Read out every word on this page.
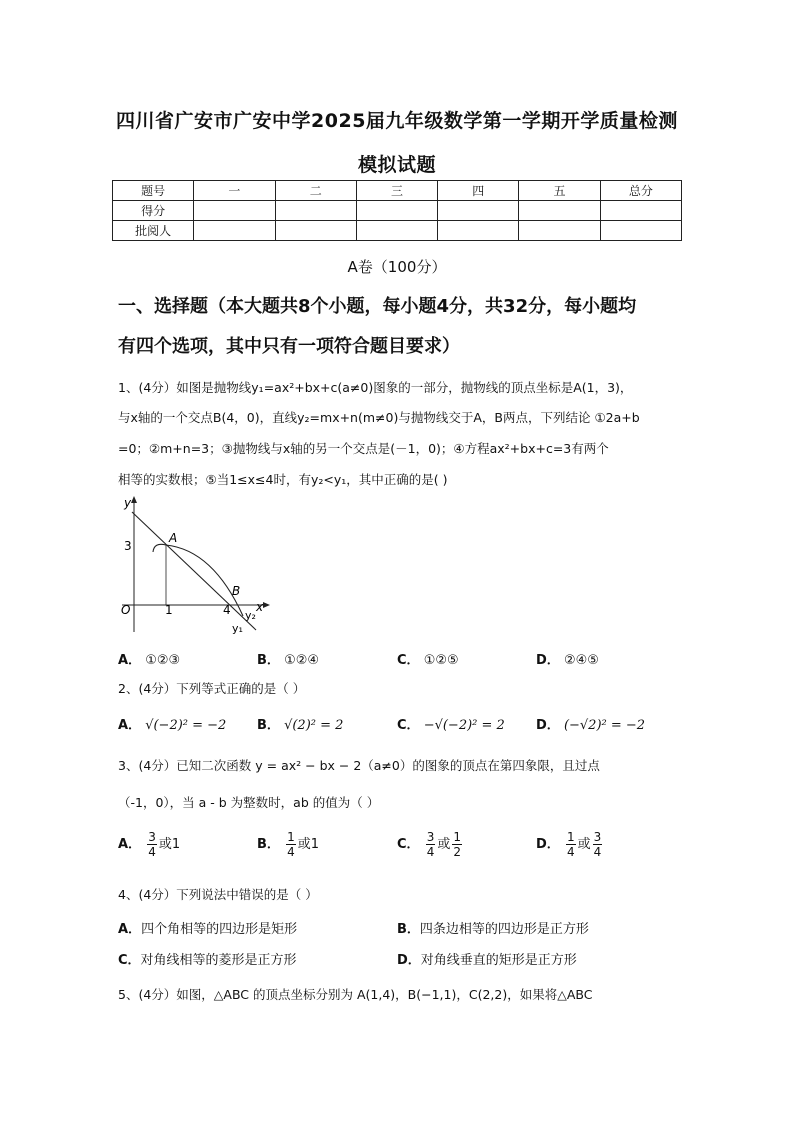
四川省广安市广安中学2025届九年级数学第一学期开学质量检测
模拟试题
题号	一	二	三	四	五	总分
得分						
批阅人						
A卷（100分）
一、选择题（本大题共8个小题，每小题4分，共32分，每小题均
有四个选项，其中只有一项符合题目要求）
1、(4分）如图是抛物线y₁=ax²+bx+c(a≠0)图象的一部分，抛物线的顶点坐标是A(1，3)，
与x轴的一个交点B(4，0)，直线y₂=mx+n(m≠0)与抛物线交于A，B两点，下列结论 ①2a+b
=0；②m+n=3；③抛物线与x轴的另一个交点是(－1，0)；④方程ax²+bx+c=3有两个
相等的实数根；⑤当1≤x≤4时，有y₂<y₁，其中正确的是( )
y
x
O	1	4
3
A
B
y₂
y₁
A． ①②③	B． ①②④	C． ①②⑤	D． ②④⑤
2、(4分）下列等式正确的是（ ）
A． √(−2)² = −2 B． √(2)² = 2	C． −√(−2)² = 2 D． (−√2)² = −2
3、(4分）已知二次函数 y = ax² − bx − 2（a≠0）的图象的顶点在第四象限，且过点
（-1，0），当 a - b 为整数时，ab 的值为（ ）
A． $\frac{3}{4}$ 或1	B． $\frac{1}{4}$ 或1	C． $\frac{3}{4}$ 或 $\frac{1}{2}$	D． $\frac{1}{4}$ 或 $\frac{3}{4}$
4、(4分）下列说法中错误的是（ ）
A．四个角相等的四边形是矩形	B．四条边相等的四边形是正方形
C．对角线相等的菱形是正方形	D．对角线垂直的矩形是正方形
5、(4分）如图，△ABC 的顶点坐标分别为 A(1,4)，B(−1,1)，C(2,2)，如果将△ABC
